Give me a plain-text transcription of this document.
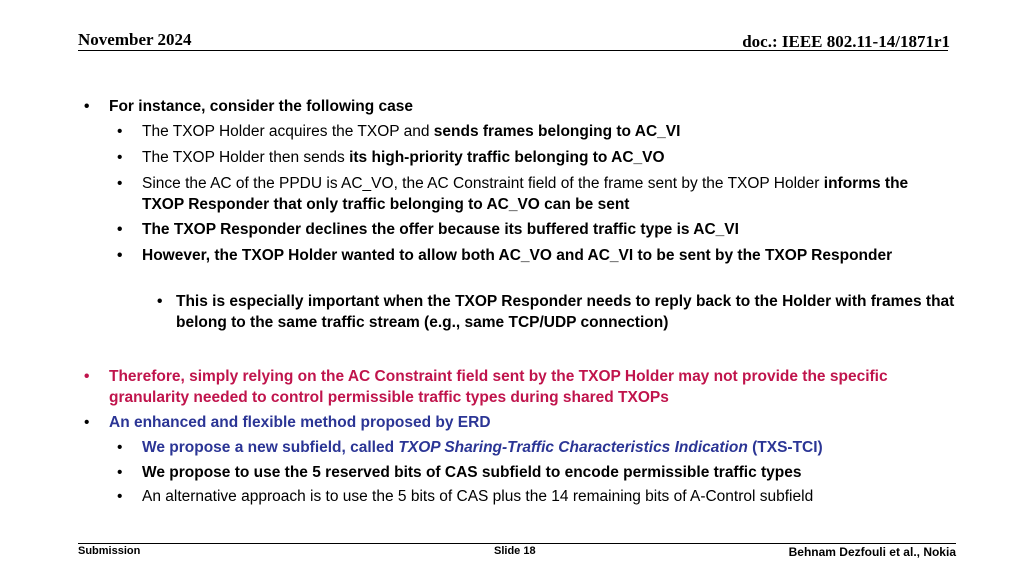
November 2024	doc.: IEEE 802.11-14/1871r1
• For instance, consider the following case
• The TXOP Holder acquires the TXOP and sends frames belonging to AC_VI
• The TXOP Holder then sends its high-priority traffic belonging to AC_VO
• Since the AC of the PPDU is AC_VO, the AC Constraint field of the frame sent by the TXOP Holder informs the TXOP Responder that only traffic belonging to AC_VO can be sent
• The TXOP Responder declines the offer because its buffered traffic type is AC_VI
• However, the TXOP Holder wanted to allow both AC_VO and AC_VI to be sent by the TXOP Responder
• This is especially important when the TXOP Responder needs to reply back to the Holder with frames that belong to the same traffic stream (e.g., same TCP/UDP connection)
• Therefore, simply relying on the AC Constraint field sent by the TXOP Holder may not provide the specific granularity needed to control permissible traffic types during shared TXOPs
• An enhanced and flexible method proposed by ERD
• We propose a new subfield, called TXOP Sharing-Traffic Characteristics Indication (TXS-TCI)
• We propose to use the 5 reserved bits of CAS subfield to encode permissible traffic types
• An alternative approach is to use the 5 bits of CAS plus the 14 remaining bits of A-Control subfield
Submission	Slide 18	Behnam Dezfouli et al., Nokia
